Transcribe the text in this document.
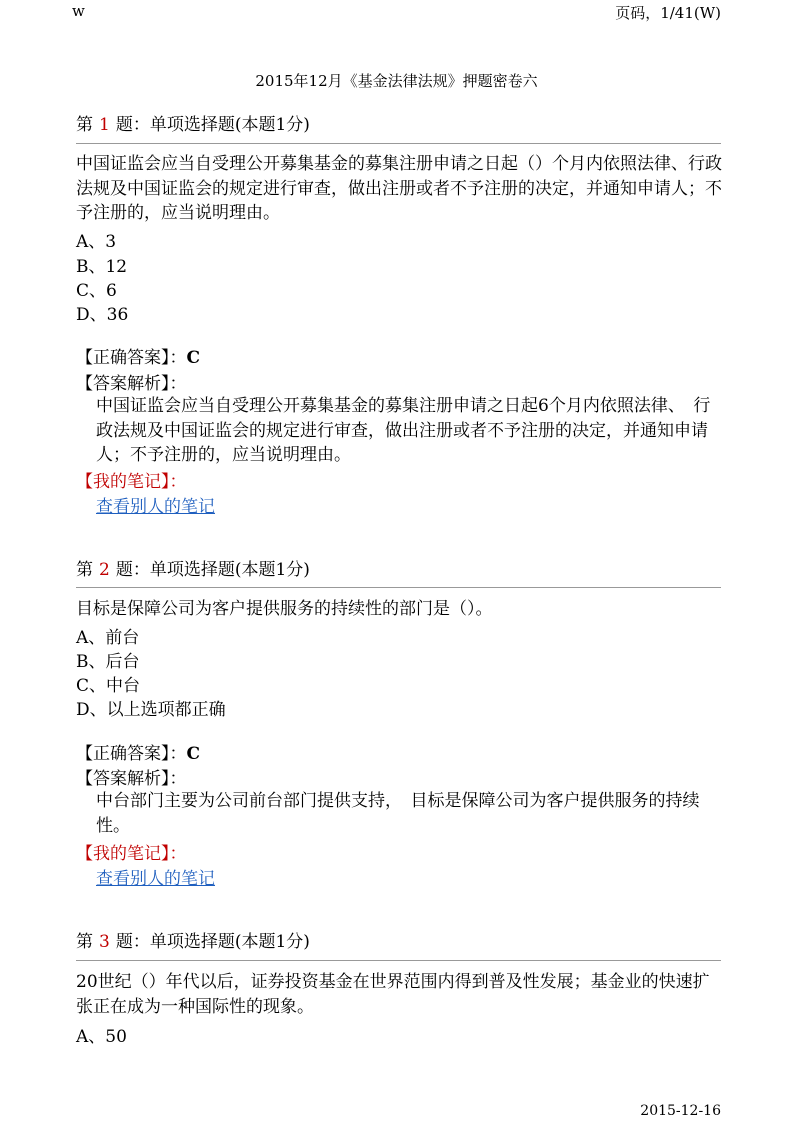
w	页码，1/41(W)
2015年12月《基金法律法规》押题密卷六
第 1 题：单项选择题(本题1分)

中国证监会应当自受理公开募集基金的募集注册申请之日起（）个月内依照法律、行政法规及中国证监会的规定进行审查，做出注册或者不予注册的决定，并通知申请人；不予注册的，应当说明理由。

A、3
B、12
C、6
D、36
【正确答案】：C
【答案解析】：

中国证监会应当自受理公开募集基金的募集注册申请之日起6个月内依照法律、　行政法规及中国证监会的规定进行审查，做出注册或者不予注册的决定，并通知申请人；不予注册的，应当说明理由。

【我的笔记】：
查看别人的笔记
第 2 题：单项选择题(本题1分)

目标是保障公司为客户提供服务的持续性的部门是（）。

A、前台
B、后台
C、中台
D、以上选项都正确
【正确答案】：C
【答案解析】：

中台部门主要为公司前台部门提供支持，　目标是保障公司为客户提供服务的持续性。

【我的笔记】：
查看别人的笔记
第 3 题：单项选择题(本题1分)

20世纪（）年代以后，证券投资基金在世界范围内得到普及性发展；基金业的快速扩张正在成为一种国际性的现象。

A、50
2015-12-16
